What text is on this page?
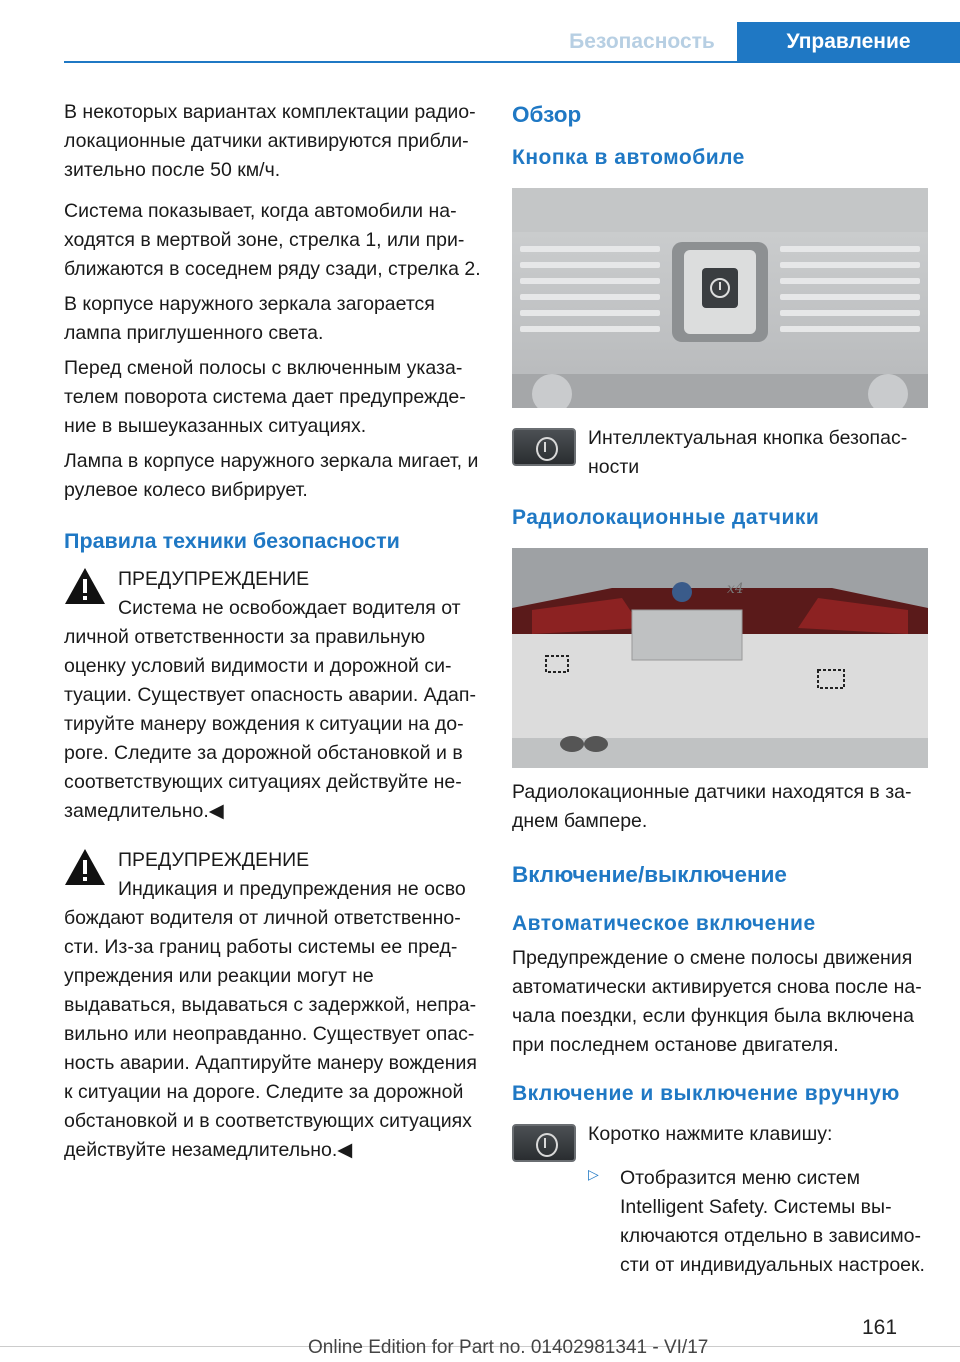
Безопасность	Управление

В некоторых вариантах комплектации радиолокационные датчики активируются приблизительно после 50 км/ч.

Система показывает, когда автомобили находятся в мертвой зоне, стрелка 1, или приближаются в соседнем ряду сзади, стрелка 2.

В корпусе наружного зеркала загорается лампа приглушенного света.

Перед сменой полосы с включенным указателем поворота система дает предупреждение в вышеуказанных ситуациях.

Лампа в корпусе наружного зеркала мигает, и рулевое колесо вибрирует.

Правила техники безопасности

ПРЕДУПРЕЖДЕНИЕ

Система не освобождает водителя от
личной ответственности за правильную оценку условий видимости и дорожной ситуации. Существует опасность аварии. Адаптируйте манеру вождения к ситуации на дороге. Следите за дорожной обстановкой и в соответствующих ситуациях действуйте незамедлительно.◀

ПРЕДУПРЕЖДЕНИЕ

Индикация и предупреждения не осво
бождают водителя от личной ответственности. Из-за границ работы системы ее предупреждения или реакции могут не выдаваться, выдаваться с задержкой, неправильно или неоправданно. Существует опасность аварии. Адаптируйте манеру вождения к ситуации на дороге. Следите за дорожной обстановкой и в соответствующих ситуациях действуйте незамедлительно.◀

Обзор
Кнопка в автомобиле

Интеллектуальная кнопка безопасности

Радиолокационные датчики
x4

Радиолокационные датчики находятся в заднем бампере.

Включение/выключение
Автоматическое включение

Предупреждение о смене полосы движения автоматически активируется снова после начала поездки, если функция была включена при последнем останове двигателя.

Включение и выключение вручную

Коротко нажмите клавишу:

▷ Отобразится меню систем Intelligent Safety. Системы выключаются отдельно в зависимости от индивидуальных настроек.

161
Online Edition for Part no. 01402981341 - VI/17
